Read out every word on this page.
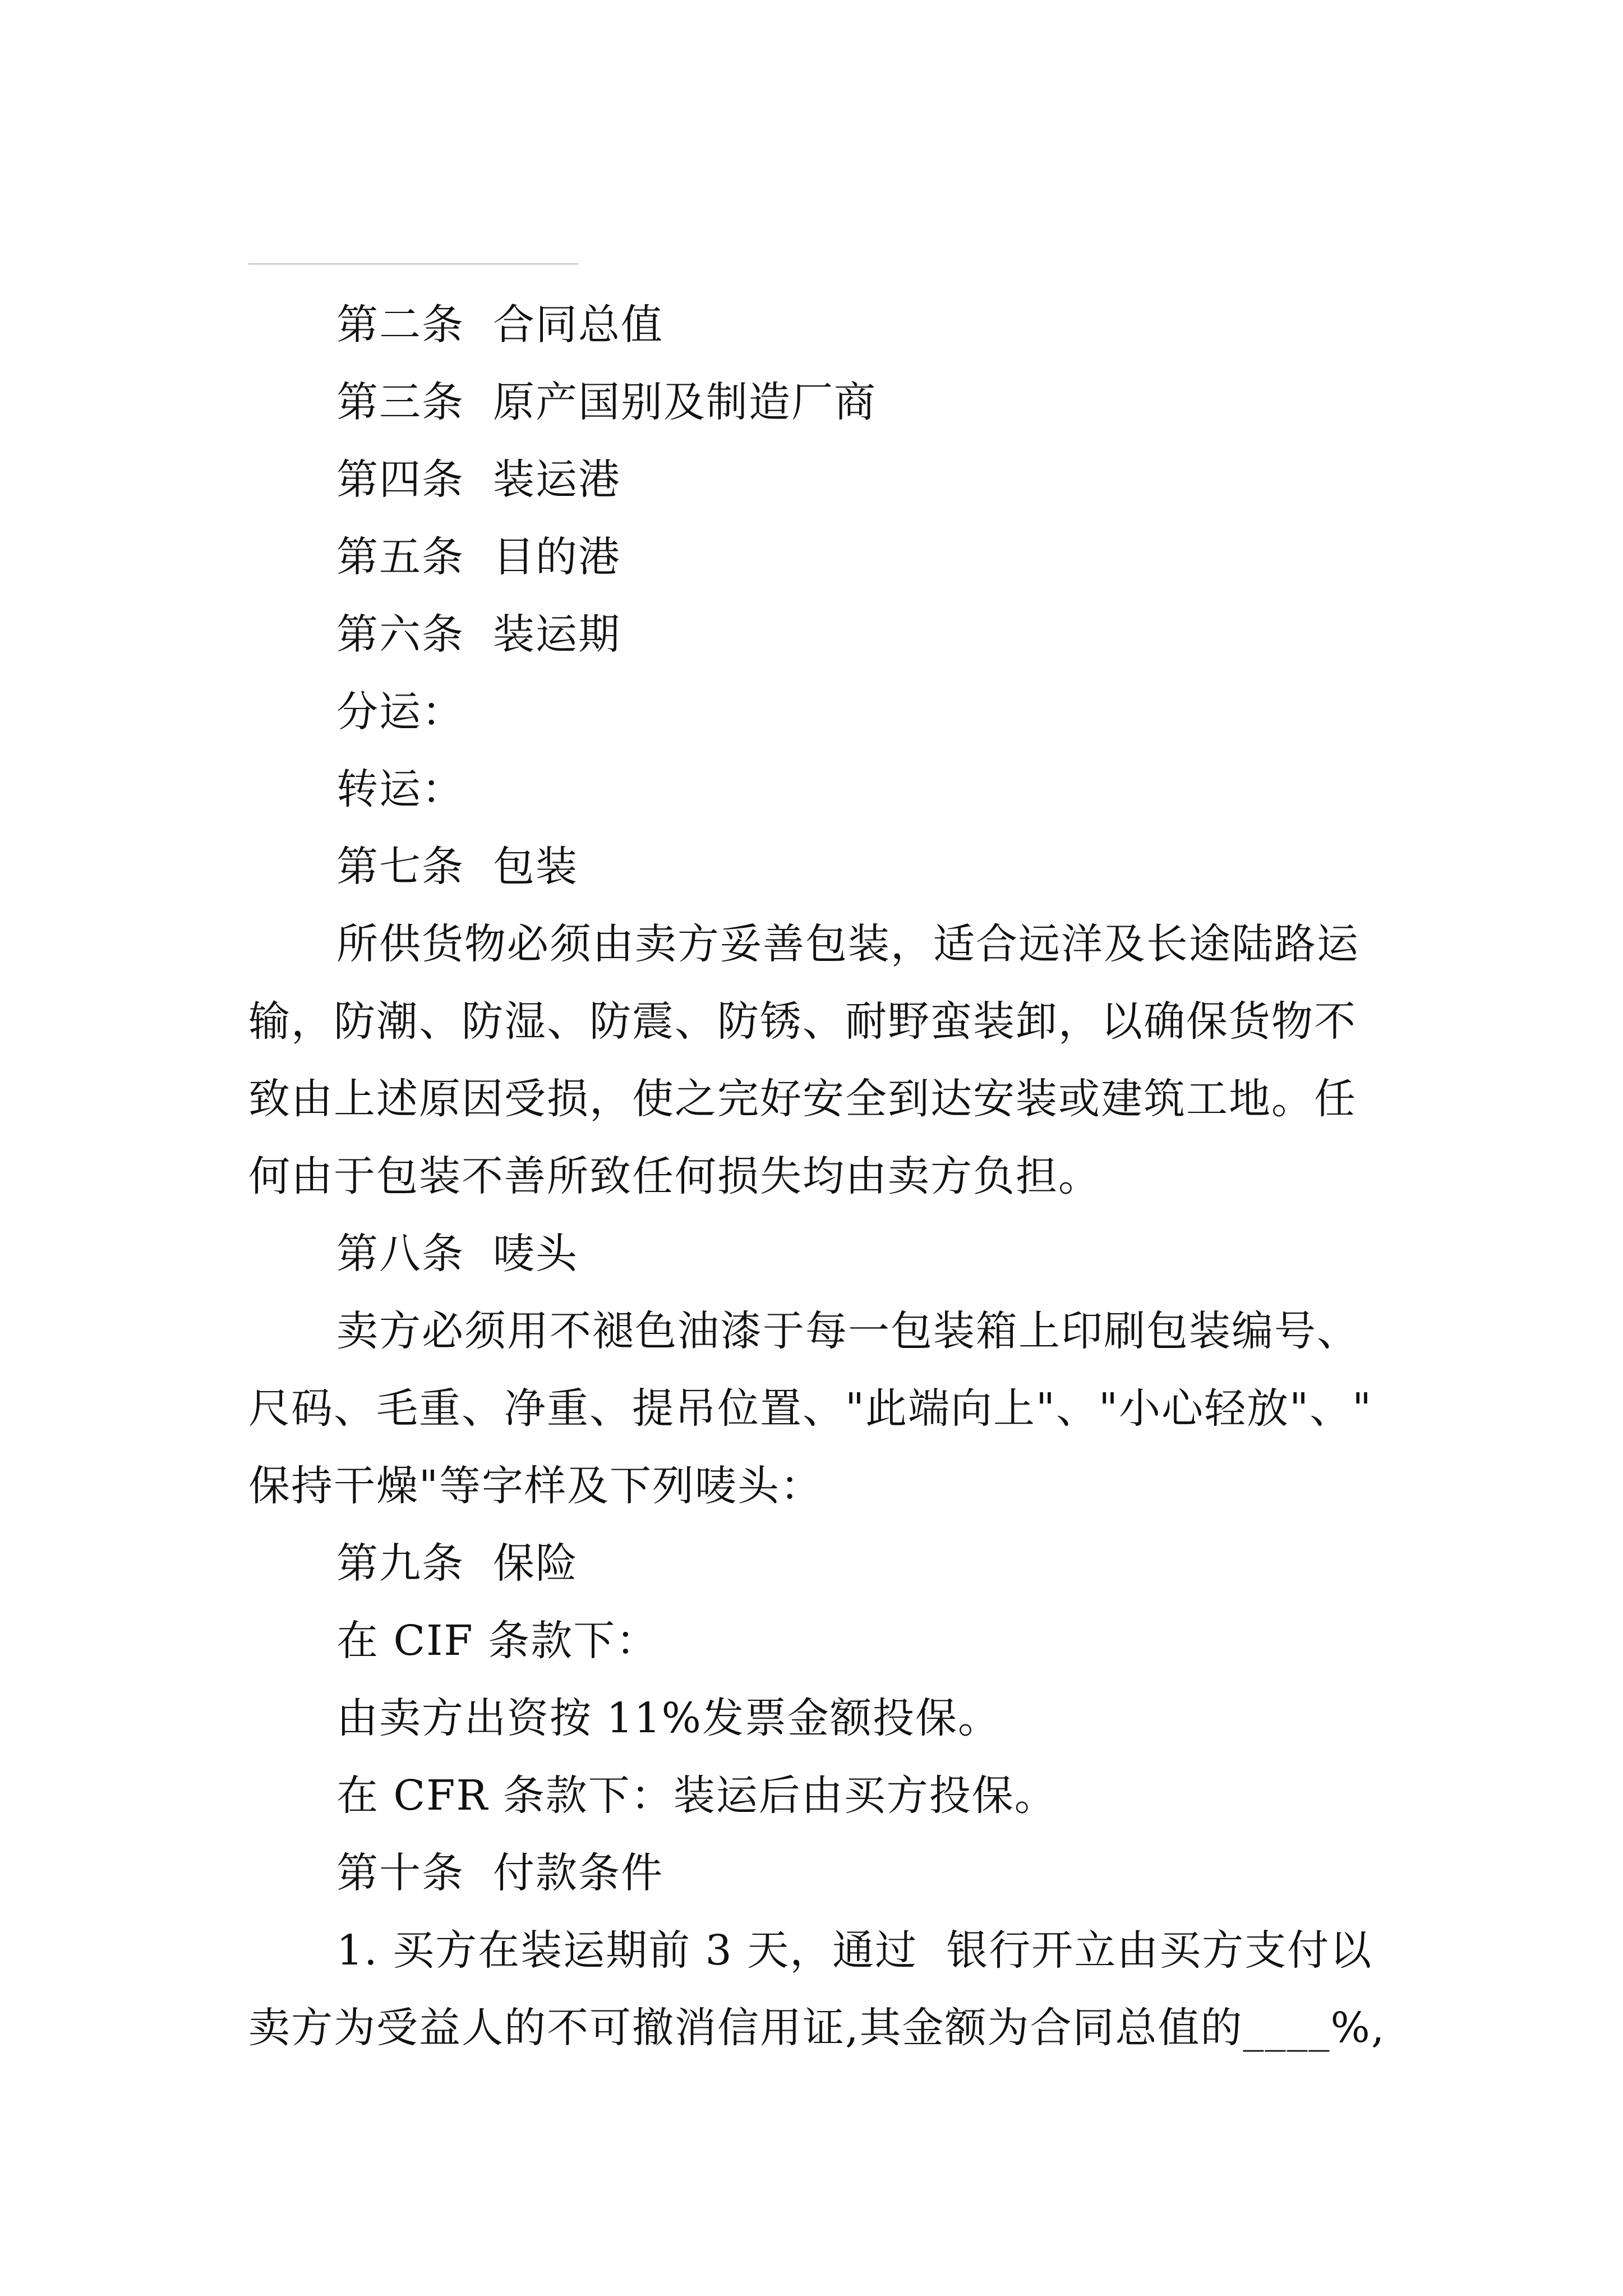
第二条  合同总值
第三条  原产国别及制造厂商
第四条  装运港
第五条  目的港
第六条  装运期
分运：
转运：
第七条  包装
所供货物必须由卖方妥善包装，适合远洋及长途陆路运
输，防潮、防湿、防震、防锈、耐野蛮装卸，以确保货物不
致由上述原因受损，使之完好安全到达安装或建筑工地。任
何由于包装不善所致任何损失均由卖方负担。
第八条  唛头
卖方必须用不褪色油漆于每一包装箱上印刷包装编号、
尺码、毛重、净重、提吊位置、"此端向上"、"小心轻放"、"
保持干燥"等字样及下列唛头：
第九条  保险
在 CIF 条款下：
由卖方出资按 11%发票金额投保。
在 CFR 条款下：装运后由买方投保。
第十条  付款条件
1. 买方在装运期前 3 天，通过  银行开立由买方支付以
卖方为受益人的不可撤消信用证,其金额为合同总值的____%,
